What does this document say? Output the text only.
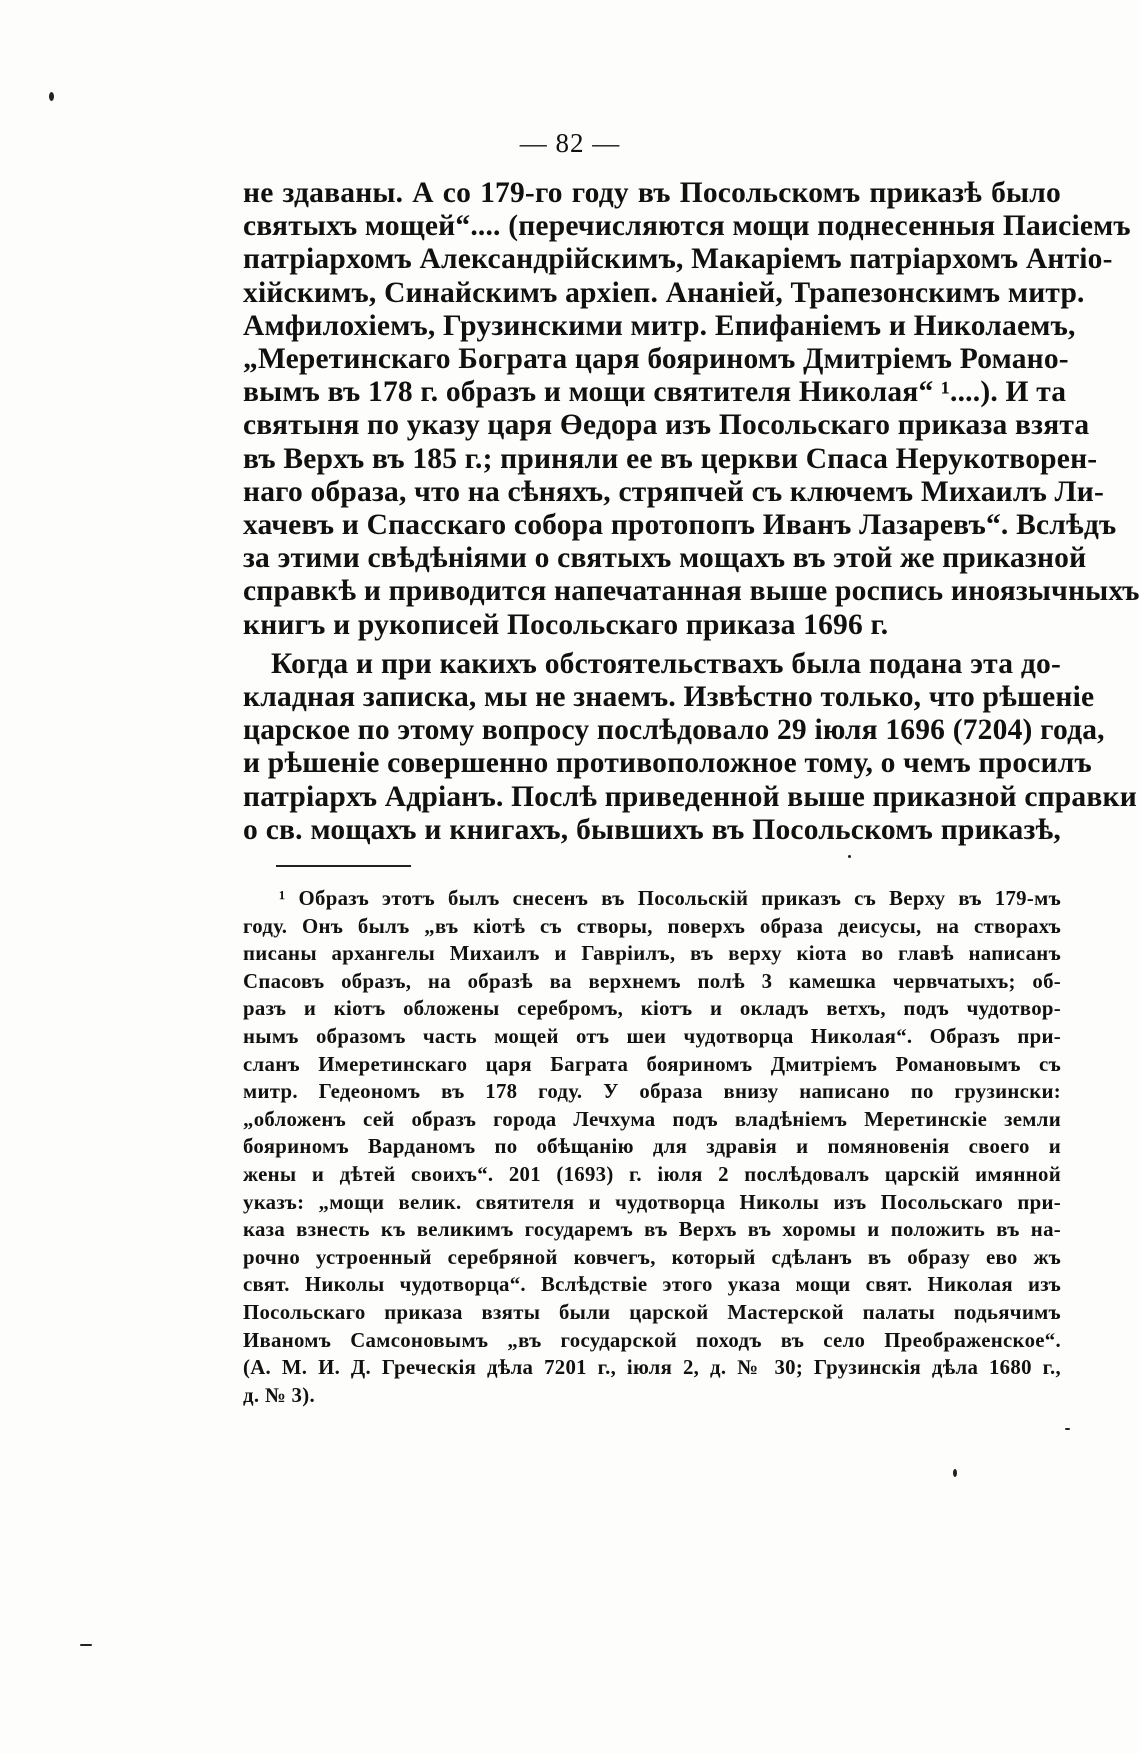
— 82 —
не здаваны. А со 179-го году въ Посольскомъ приказѣ было
святыхъ мощей“.... (перечисляются мощи поднесенныя Паисіемъ
патріархомъ Александрійскимъ, Макаріемъ патріархомъ Антіо-
хійскимъ, Синайскимъ архіеп. Ананіей, Трапезонскимъ митр.
Амфилохіемъ, Грузинскими митр. Епифаніемъ и Николаемъ,
„Меретинскаго Бограта царя бояриномъ Дмитріемъ Романо-
вымъ въ 178 г. образъ и мощи святителя Николая“ ¹....). И та
святыня по указу царя Өедора изъ Посольскаго приказа взята
въ Верхъ въ 185 г.; приняли ее въ церкви Спаса Нерукотворен-
наго образа, что на сѣняхъ, стряпчей съ ключемъ Михаилъ Ли-
хачевъ и Спасскаго собора протопопъ Иванъ Лазаревъ“. Вслѣдъ
за этими свѣдѣніями о святыхъ мощахъ въ этой же приказной
справкѣ и приводится напечатанная выше роспись иноязычныхъ
книгъ и рукописей Посольскаго приказа 1696 г.
Когда и при какихъ обстоятельствахъ была подана эта до-
кладная записка, мы не знаемъ. Извѣстно только, что рѣшеніе
царское по этому вопросу послѣдовало 29 іюля 1696 (7204) года,
и рѣшеніе совершенно противоположное тому, о чемъ просилъ
патріархъ Адріанъ. Послѣ приведенной выше приказной справки
о св. мощахъ и книгахъ, бывшихъ въ Посольскомъ приказѣ,
¹ Образъ этотъ былъ снесенъ въ Посольскій приказъ съ Верху въ 179-мъ
году. Онъ былъ „въ кіотѣ съ створы, поверхъ образа деисусы, на створахъ
писаны архангелы Михаилъ и Гавріилъ, въ верху кіота во главѣ написанъ
Спасовъ образъ, на образѣ ва верхнемъ полѣ 3 камешка червчатыхъ; об-
разъ и кіотъ обложены серебромъ, кіотъ и окладъ ветхъ, подъ чудотвор-
нымъ образомъ часть мощей отъ шеи чудотворца Николая“. Образъ при-
сланъ Имеретинскаго царя Баграта бояриномъ Дмитріемъ Романовымъ съ
митр. Гедеономъ въ 178 году. У образа внизу написано по грузински:
„обложенъ сей образъ города Лечхума подъ владѣніемъ Меретинскіе земли
бояриномъ Варданомъ по обѣщанію для здравія и помяновенія своего и
жены и дѣтей своихъ“. 201 (1693) г. іюля 2 послѣдовалъ царскій имянной
указъ: „мощи велик. святителя и чудотворца Николы изъ Посольскаго при-
каза взнесть къ великимъ государемъ въ Верхъ въ хоромы и положить въ на-
рочно устроенный серебряной ковчегъ, который сдѣланъ въ образу ево жъ
свят. Николы чудотворца“. Вслѣдствіе этого указа мощи свят. Николая изъ
Посольскаго приказа взяты были царской Мастерской палаты подьячимъ
Иваномъ Самсоновымъ „въ государской походъ въ село Преображенское“.
(А. М. И. Д. Греческія дѣла 7201 г., іюля 2, д. № 30; Грузинскія дѣла 1680 г.,
д. № 3).
